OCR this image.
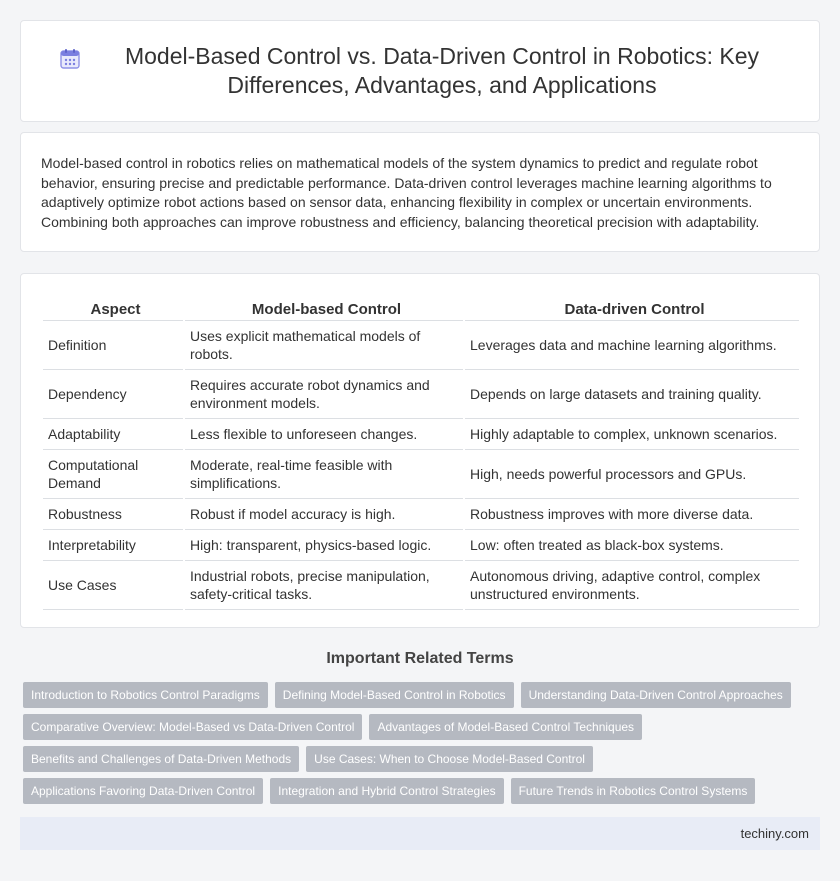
Model-Based Control vs. Data-Driven Control in Robotics: Key Differences, Advantages, and Applications

Model-based control in robotics relies on mathematical models of the system dynamics to predict and regulate robot behavior, ensuring precise and predictable performance. Data-driven control leverages machine learning algorithms to adaptively optimize robot actions based on sensor data, enhancing flexibility in complex or uncertain environments. Combining both approaches can improve robustness and efficiency, balancing theoretical precision with adaptability.

Aspect		Model-based Control		Data-driven Control
Definition		Uses explicit mathematical models of robots.		Leverages data and machine learning algorithms.
Dependency		Requires accurate robot dynamics and environment models.		Depends on large datasets and training quality.
Adaptability		Less flexible to unforeseen changes.		Highly adaptable to complex, unknown scenarios.
Computational Demand		Moderate, real-time feasible with simplifications.		High, needs powerful processors and GPUs.
Robustness		Robust if model accuracy is high.		Robustness improves with more diverse data.
Interpretability		High: transparent, physics-based logic.		Low: often treated as black-box systems.
Use Cases		Industrial robots, precise manipulation, safety-critical tasks.		Autonomous driving, adaptive control, complex unstructured environments.
Important Related Terms
Introduction to Robotics Control Paradigms	Defining Model-Based Control in Robotics	Understanding Data-Driven Control Approaches
Comparative Overview: Model-Based vs Data-Driven Control	Advantages of Model-Based Control Techniques
Benefits and Challenges of Data-Driven Methods	Use Cases: When to Choose Model-Based Control
Applications Favoring Data-Driven Control	Integration and Hybrid Control Strategies	Future Trends in Robotics Control Systems
techiny.com
